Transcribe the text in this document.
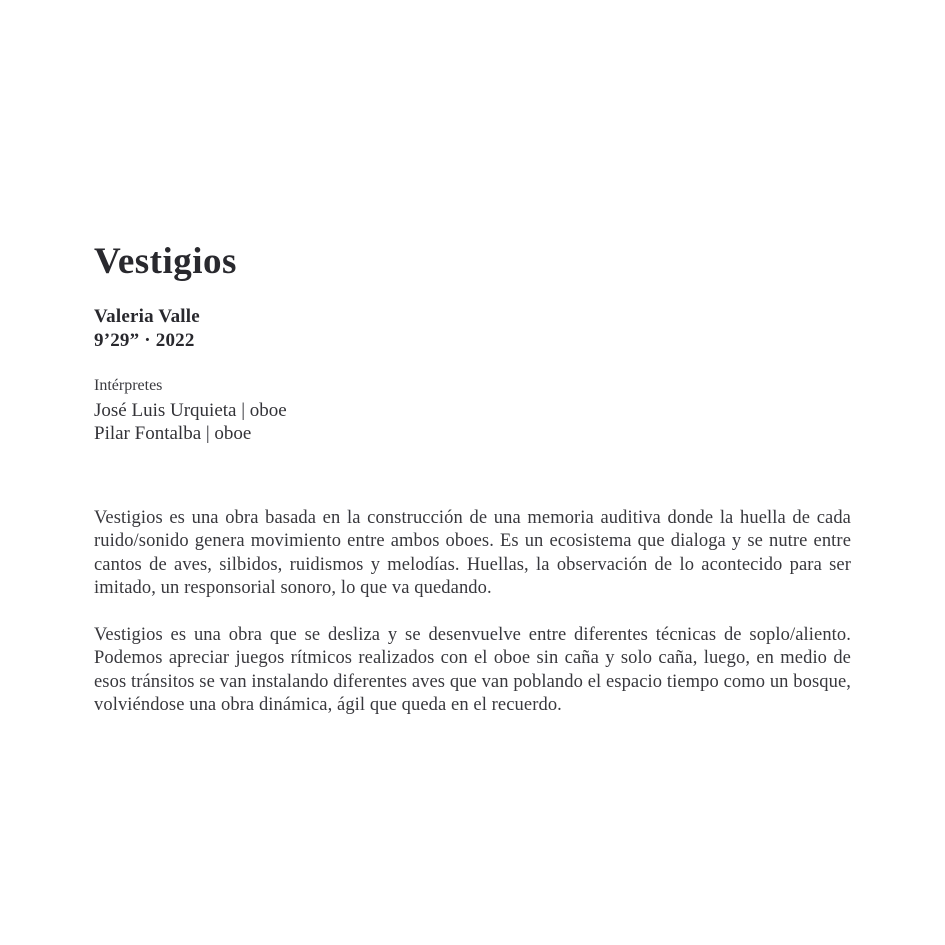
Vestigios
Valeria Valle
9’29” · 2022
Intérpretes
José Luis Urquieta | oboe
Pilar Fontalba | oboe

Vestigios es una obra basada en la construcción de una memoria auditiva donde la huella de cada ruido/sonido genera movimiento entre ambos oboes. Es un ecosistema que dialoga y se nutre entre cantos de aves, silbidos, ruidismos y melodías. Huellas, la observación de lo acontecido para ser imitado, un responsorial sonoro, lo que va quedando.

Vestigios es una obra que se desliza y se desenvuelve entre diferentes técnicas de soplo/aliento. Podemos apreciar juegos rítmicos realizados con el oboe sin caña y solo caña, luego, en medio de esos tránsitos se van instalando diferentes aves que van poblando el espacio tiempo como un bosque, volviéndose una obra dinámica, ágil que queda en el recuerdo.
